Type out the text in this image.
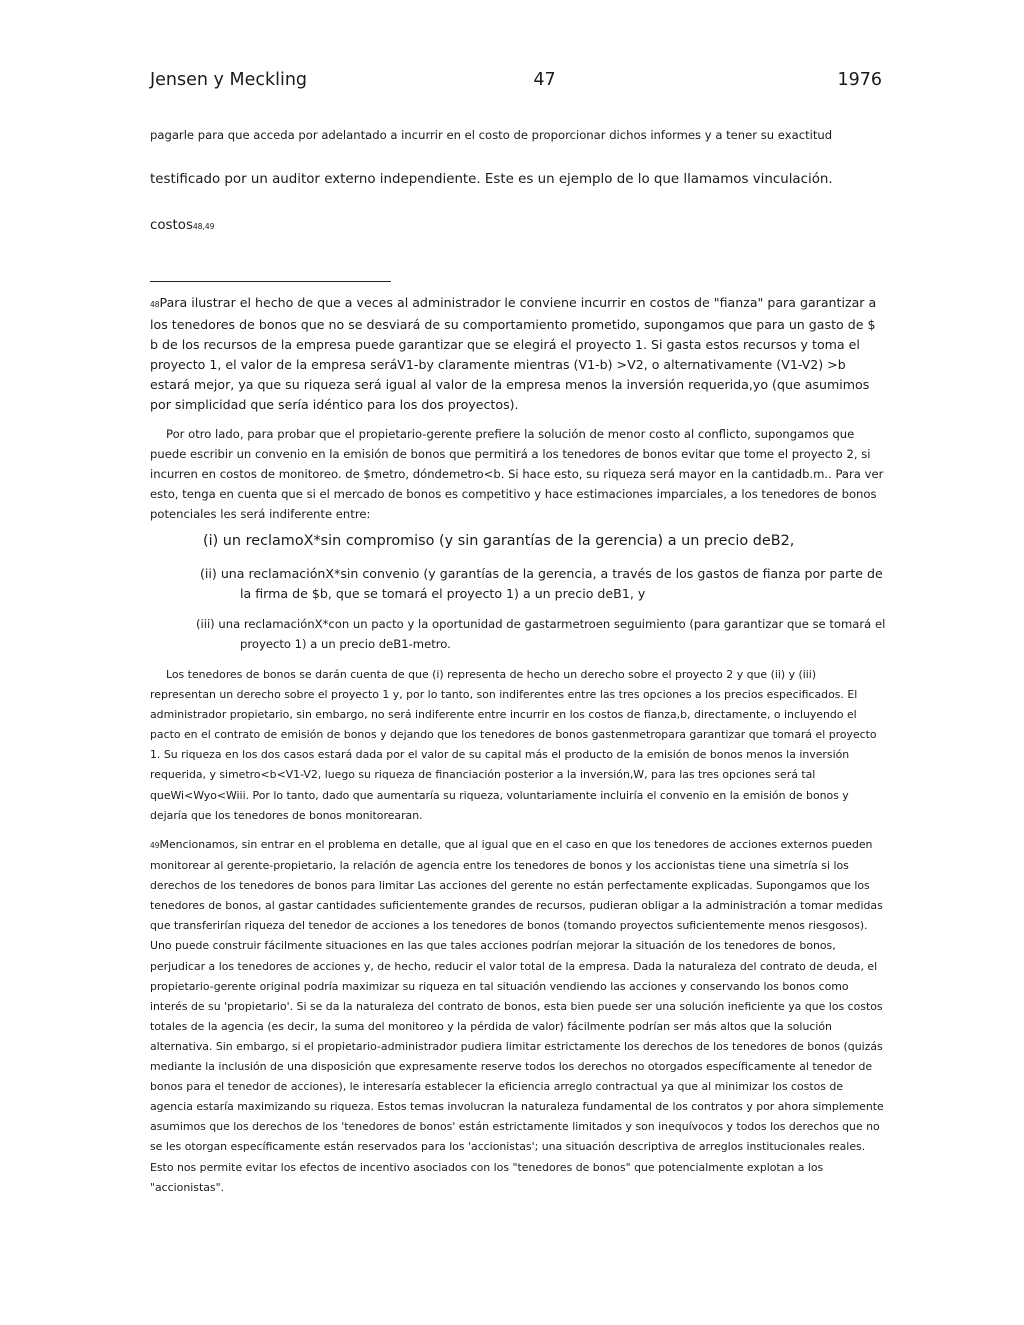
Jensen y Meckling	47	1976
pagarle para que acceda por adelantado a incurrir en el costo de proporcionar dichos informes y a tener su exactitud
testificado por un auditor externo independiente. Este es un ejemplo de lo que llamamos vinculación.
costos48,49
48Para ilustrar el hecho de que a veces al administrador le conviene incurrir en costos de "fianza" para garantizar a los tenedores de bonos que no se desviará de su comportamiento prometido, supongamos que para un gasto de $ b de los recursos de la empresa puede garantizar que se elegirá el proyecto 1. Si gasta estos recursos y toma el proyecto 1, el valor de la empresa seráV1-by claramente mientras (V1-b) >V2, o alternativamente (V1-V2) >b estará mejor, ya que su riqueza será igual al valor de la empresa menos la inversión requerida,yo (que asumimos por simplicidad que sería idéntico para los dos proyectos).
Por otro lado, para probar que el propietario-gerente prefiere la solución de menor costo al conflicto, supongamos que puede escribir un convenio en la emisión de bonos que permitirá a los tenedores de bonos evitar que tome el proyecto 2, si incurren en costos de monitoreo. de $metro, dóndemetro<b. Si hace esto, su riqueza será mayor en la cantidadb.m.. Para ver esto, tenga en cuenta que si el mercado de bonos es competitivo y hace estimaciones imparciales, a los tenedores de bonos potenciales les será indiferente entre:
(i) un reclamoX*sin compromiso (y sin garantías de la gerencia) a un precio deB2,
(ii) una reclamaciónX*sin convenio (y garantías de la gerencia, a través de los gastos de fianza por parte de la firma de $b, que se tomará el proyecto 1) a un precio deB1, y
(iii) una reclamaciónX*con un pacto y la oportunidad de gastarmetroen seguimiento (para garantizar que se tomará el proyecto 1) a un precio deB1-metro.
Los tenedores de bonos se darán cuenta de que (i) representa de hecho un derecho sobre el proyecto 2 y que (ii) y (iii) representan un derecho sobre el proyecto 1 y, por lo tanto, son indiferentes entre las tres opciones a los precios especificados. El administrador propietario, sin embargo, no será indiferente entre incurrir en los costos de fianza,b, directamente, o incluyendo el pacto en el contrato de emisión de bonos y dejando que los tenedores de bonos gastenmetropara garantizar que tomará el proyecto 1. Su riqueza en los dos casos estará dada por el valor de su capital más el producto de la emisión de bonos menos la inversión requerida, y simetro<b<V1-V2, luego su riqueza de financiación posterior a la inversión,W, para las tres opciones será tal queWi<Wyo<Wiii. Por lo tanto, dado que aumentaría su riqueza, voluntariamente incluiría el convenio en la emisión de bonos y dejaría que los tenedores de bonos monitorearan.
49Mencionamos, sin entrar en el problema en detalle, que al igual que en el caso en que los tenedores de acciones externos pueden monitorear al gerente-propietario, la relación de agencia entre los tenedores de bonos y los accionistas tiene una simetría si los derechos de los tenedores de bonos para limitar Las acciones del gerente no están perfectamente explicadas. Supongamos que los tenedores de bonos, al gastar cantidades suficientemente grandes de recursos, pudieran obligar a la administración a tomar medidas que transferirían riqueza del tenedor de acciones a los tenedores de bonos (tomando proyectos suficientemente menos riesgosos). Uno puede construir fácilmente situaciones en las que tales acciones podrían mejorar la situación de los tenedores de bonos, perjudicar a los tenedores de acciones y, de hecho, reducir el valor total de la empresa. Dada la naturaleza del contrato de deuda, el propietario-gerente original podría maximizar su riqueza en tal situación vendiendo las acciones y conservando los bonos como interés de su 'propietario'. Si se da la naturaleza del contrato de bonos, esta bien puede ser una solución ineficiente ya que los costos totales de la agencia (es decir, la suma del monitoreo y la pérdida de valor) fácilmente podrían ser más altos que la solución alternativa. Sin embargo, si el propietario-administrador pudiera limitar estrictamente los derechos de los tenedores de bonos (quizás mediante la inclusión de una disposición que expresamente reserve todos los derechos no otorgados específicamente al tenedor de bonos para el tenedor de acciones), le interesaría establecer la eficiencia arreglo contractual ya que al minimizar los costos de agencia estaría maximizando su riqueza. Estos temas involucran la naturaleza fundamental de los contratos y por ahora simplemente asumimos que los derechos de los 'tenedores de bonos' están estrictamente limitados y son inequívocos y todos los derechos que no se les otorgan específicamente están reservados para los 'accionistas'; una situación descriptiva de arreglos institucionales reales. Esto nos permite evitar los efectos de incentivo asociados con los "tenedores de bonos" que potencialmente explotan a los "accionistas".
